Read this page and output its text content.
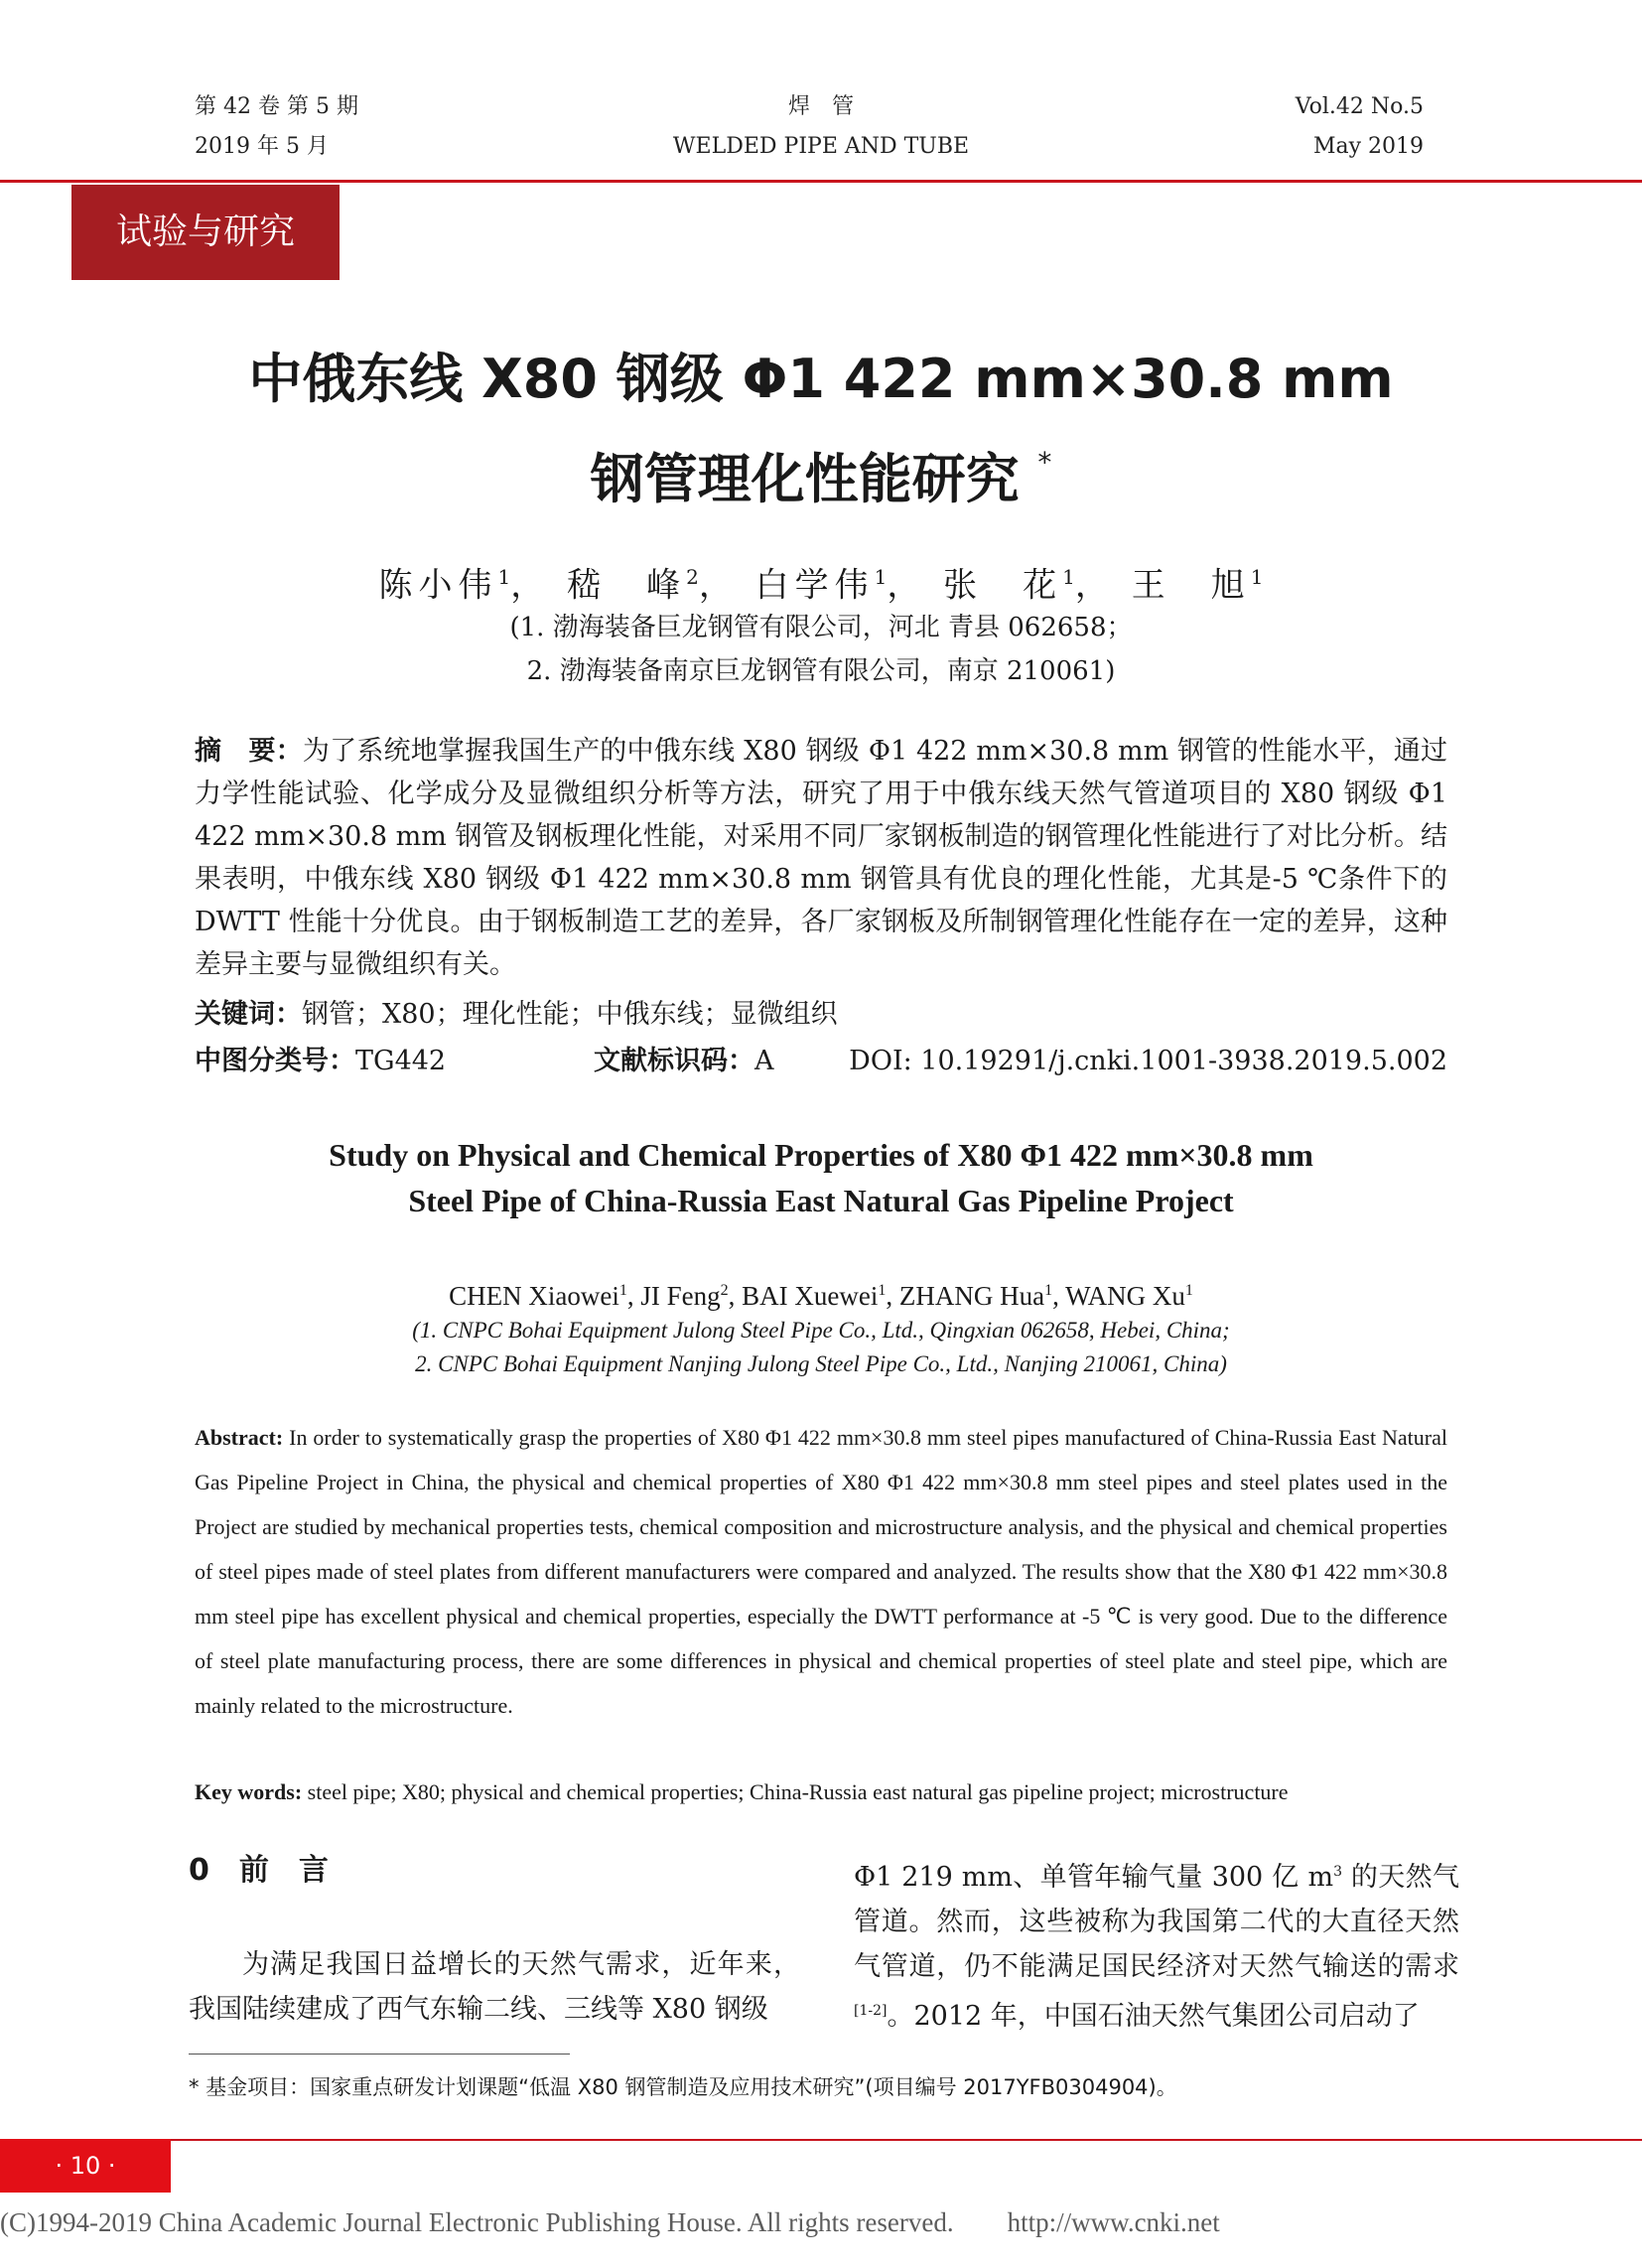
第 42 卷 第 5 期
2019 年 5 月
焊　管
WELDED PIPE AND TUBE
Vol.42 No.5
May 2019
试验与研究
中俄东线 X80 钢级 Φ1 422 mm×30.8 mm
钢管理化性能研究 *
陈小伟$^1$， 嵇　峰$^2$， 白学伟$^1$， 张　花$^1$， 王　旭$^1$
(1. 渤海装备巨龙钢管有限公司，河北 青县 062658；
2. 渤海装备南京巨龙钢管有限公司，南京 210061)
摘　要：为了系统地掌握我国生产的中俄东线 X80 钢级 Φ1 422 mm×30.8 mm 钢管的性能水平，通过力学性能试验、化学成分及显微组织分析等方法，研究了用于中俄东线天然气管道项目的 X80 钢级 Φ1 422 mm×30.8 mm 钢管及钢板理化性能，对采用不同厂家钢板制造的钢管理化性能进行了对比分析。结果表明，中俄东线 X80 钢级 Φ1 422 mm×30.8 mm 钢管具有优良的理化性能，尤其是-5 ℃条件下的 DWTT 性能十分优良。由于钢板制造工艺的差异，各厂家钢板及所制钢管理化性能存在一定的差异，这种差异主要与显微组织有关。
关键词：钢管；X80；理化性能；中俄东线；显微组织
中图分类号：TG442	文献标识码：A	DOI: 10.19291/j.cnki.1001-3938.2019.5.002
Study on Physical and Chemical Properties of X80 Φ1 422 mm×30.8 mm
Steel Pipe of China-Russia East Natural Gas Pipeline Project
CHEN Xiaowei$^1$, JI Feng$^2$, BAI Xuewei$^1$, ZHANG Hua$^1$, WANG Xu$^1$
(1. CNPC Bohai Equipment Julong Steel Pipe Co., Ltd., Qingxian 062658, Hebei, China;
2. CNPC Bohai Equipment Nanjing Julong Steel Pipe Co., Ltd., Nanjing 210061, China)
Abstract: In order to systematically grasp the properties of X80 Φ1 422 mm×30.8 mm steel pipes manufactured of China-Russia East Natural Gas Pipeline Project in China, the physical and chemical properties of X80 Φ1 422 mm×30.8 mm steel pipes and steel plates used in the Project are studied by mechanical properties tests, chemical composition and microstructure analysis, and the physical and chemical properties of steel pipes made of steel plates from different manufacturers were compared and analyzed. The results show that the X80 Φ1 422 mm×30.8 mm steel pipe has excellent physical and chemical properties, especially the DWTT performance at -5 ℃ is very good. Due to the difference of steel plate manufacturing process, there are some differences in physical and chemical properties of steel plate and steel pipe, which are mainly related to the microstructure.
Key words: steel pipe; X80; physical and chemical properties; China-Russia east natural gas pipeline project; microstructure
0　前　言
为满足我国日益增长的天然气需求，近年来，我国陆续建成了西气东输二线、三线等 X80 钢级
Φ1 219 mm、单管年输气量 300 亿 $m^3$ 的天然气管道。然而，这些被称为我国第二代的大直径天然气管道，仍不能满足国民经济对天然气输送的需求[1-2]。2012 年，中国石油天然气集团公司启动了
* 基金项目：国家重点研发计划课题“低温 X80 钢管制造及应用技术研究”(项目编号 2017YFB0304904)。
· 10 ·
(C)1994-2019 China Academic Journal Electronic Publishing House. All rights reserved.　　http://www.cnki.net
